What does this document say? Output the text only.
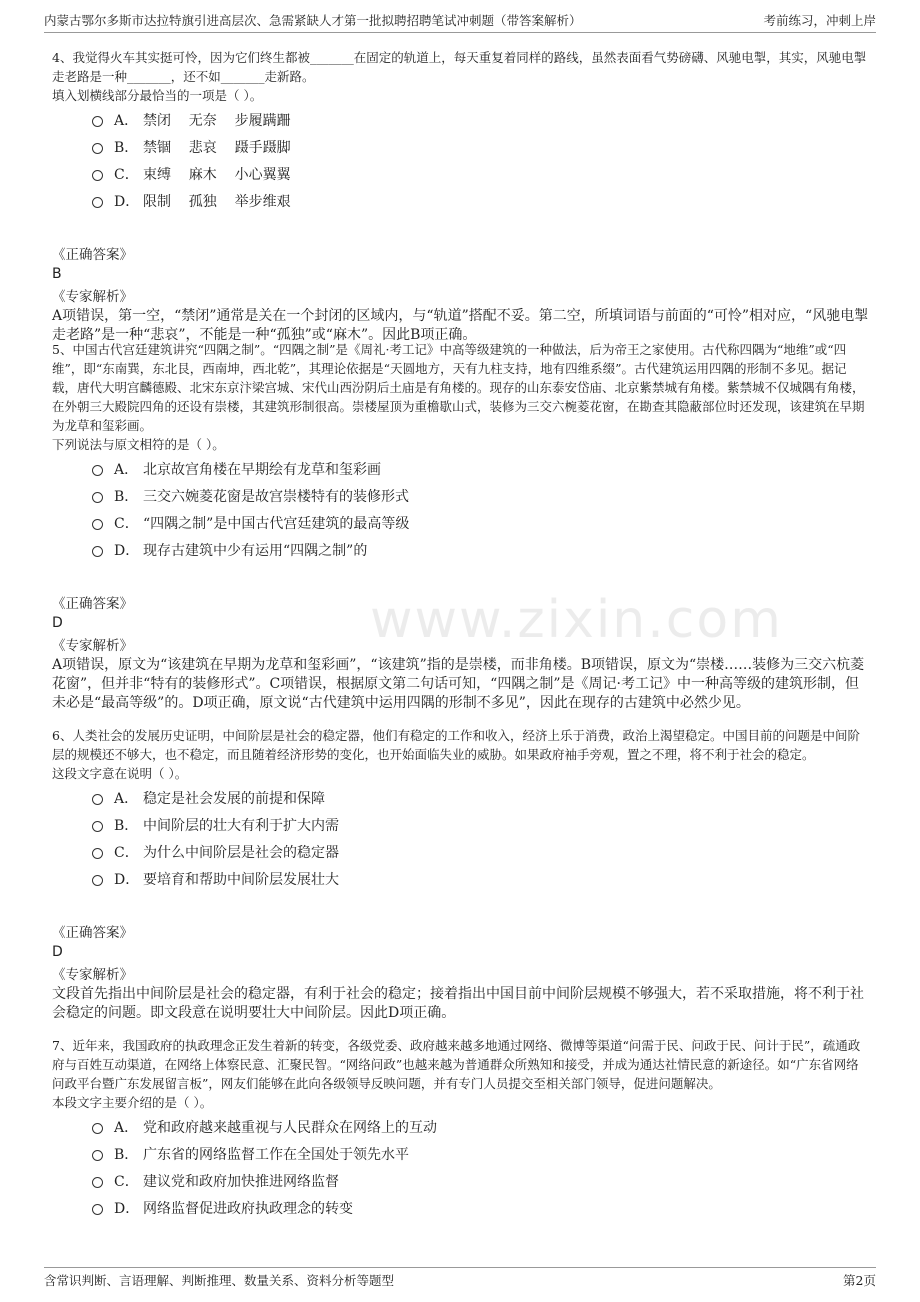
内蒙古鄂尔多斯市达拉特旗引进高层次、急需紧缺人才第一批拟聘招聘笔试冲刺题（带答案解析）	考前练习，冲刺上岸
www.zixin.com
4、我觉得火车其实挺可怜，因为它们终生都被_______在固定的轨道上，每天重复着同样的路线，虽然表面看气势磅礴、风驰电掣，其实，风驰电掣走老路是一种_______，还不如_______走新路。
填入划横线部分最恰当的一项是（ ）。
A． 禁闭    无奈    步履蹒跚
B． 禁锢    悲哀    蹑手蹑脚
C． 束缚    麻木    小心翼翼
D． 限制    孤独    举步维艰
《正确答案》
B
《专家解析》
A项错误，第一空，“禁闭”通常是关在一个封闭的区域内，与“轨道”搭配不妥。第二空，所填词语与前面的“可怜”相对应，“风驰电掣走老路”是一种“悲哀”，不能是一种“孤独”或“麻木”。因此B项正确。
5、中国古代宫廷建筑讲究“四隅之制”。“四隅之制”是《周礼·考工记》中高等级建筑的一种做法，后为帝王之家使用。古代称四隅为“地维”或“四维”，即“东南巽，东北艮，西南坤，西北乾”，其理论依据是“天圆地方，天有九柱支持，地有四维系缀”。古代建筑运用四隅的形制不多见。据记载，唐代大明宫麟德殿、北宋东京汴梁宫城、宋代山西汾阴后土庙是有角楼的。现存的山东泰安岱庙、北京紫禁城有角楼。紫禁城不仅城隅有角楼，在外朝三大殿院四角的还设有崇楼，其建筑形制很高。崇楼屋顶为重檐歇山式，装修为三交六椀菱花窗，在勘查其隐蔽部位时还发现，该建筑在早期为龙草和玺彩画。
下列说法与原文相符的是（ ）。
A． 北京故宫角楼在早期绘有龙草和玺彩画
B． 三交六婉菱花窗是故宫崇楼特有的装修形式
C． “四隅之制”是中国古代宫廷建筑的最高等级
D． 现存古建筑中少有运用“四隅之制”的
《正确答案》
D
《专家解析》
A项错误，原文为“该建筑在早期为龙草和玺彩画”，“该建筑”指的是崇楼，而非角楼。B项错误，原文为“崇楼……装修为三交六杭菱花窗”，但并非“特有的装修形式”。C项错误，根据原文第二句话可知，“四隅之制”是《周记·考工记》中一种高等级的建筑形制，但未必是“最高等级”的。D项正确，原文说“古代建筑中运用四隅的形制不多见”，因此在现存的古建筑中必然少见。
6、人类社会的发展历史证明，中间阶层是社会的稳定器，他们有稳定的工作和收入，经济上乐于消费，政治上渴望稳定。中国目前的问题是中间阶层的规模还不够大，也不稳定，而且随着经济形势的变化，也开始面临失业的威胁。如果政府袖手旁观，置之不理，将不利于社会的稳定。
这段文字意在说明（ ）。
A． 稳定是社会发展的前提和保障
B． 中间阶层的壮大有利于扩大内需
C． 为什么中间阶层是社会的稳定器
D． 要培育和帮助中间阶层发展壮大
《正确答案》
D
《专家解析》
文段首先指出中间阶层是社会的稳定器，有利于社会的稳定；接着指出中国目前中间阶层规模不够强大，若不采取措施，将不利于社会稳定的问题。即文段意在说明要壮大中间阶层。因此D项正确。
7、近年来，我国政府的执政理念正发生着新的转变，各级党委、政府越来越多地通过网络、微博等渠道“问需于民、问政于民、问计于民”，疏通政府与百姓互动渠道，在网络上体察民意、汇聚民智。“网络问政”也越来越为普通群众所熟知和接受，并成为通达社情民意的新途径。如“广东省网络问政平台暨广东发展留言板”，网友们能够在此向各级领导反映问题，并有专门人员提交至相关部门领导，促进问题解决。
本段文字主要介绍的是（ ）。
A． 党和政府越来越重视与人民群众在网络上的互动
B． 广东省的网络监督工作在全国处于领先水平
C． 建议党和政府加快推进网络监督
D． 网络监督促进政府执政理念的转变
含常识判断、言语理解、判断推理、数量关系、资料分析等题型	第2页
